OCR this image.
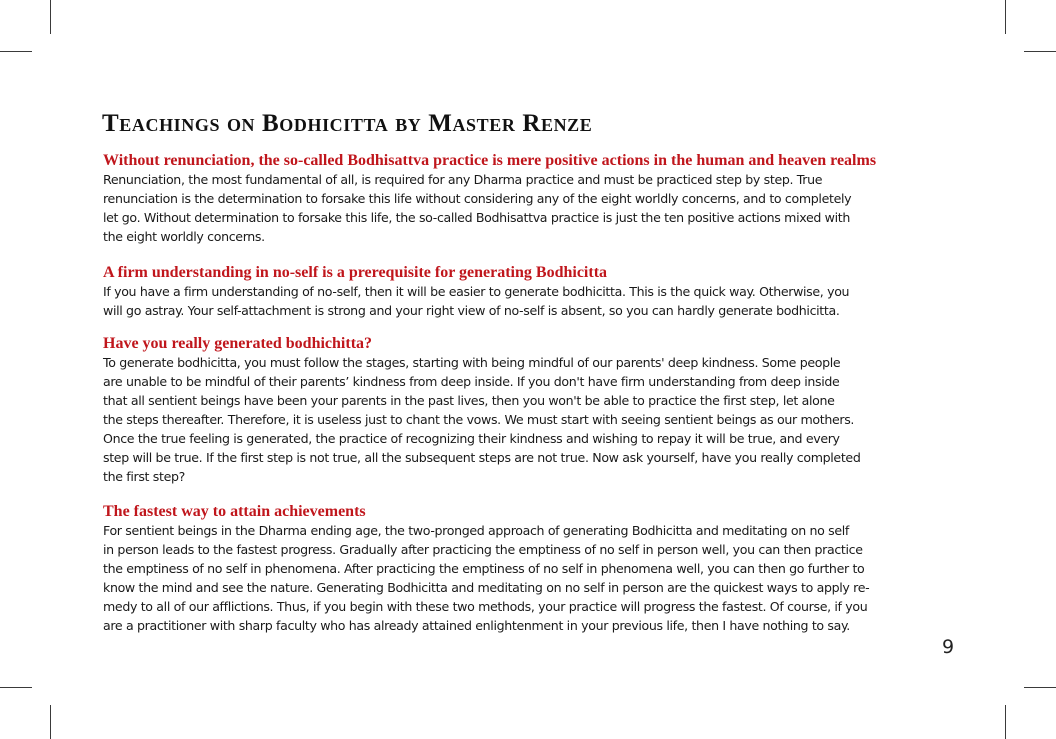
Teachings on Bodhicitta by Master Renze

Without renunciation, the so-called Bodhisattva practice is mere positive actions in the human and heaven realms

Renunciation, the most fundamental of all, is required for any Dharma practice and must be practiced step by step. True
renunciation is the determination to forsake this life without considering any of the eight worldly concerns, and to completely
let go. Without determination to forsake this life, the so-called Bodhisattva practice is just the ten positive actions mixed with
the eight worldly concerns.

A firm understanding in no-self is a prerequisite for generating Bodhicitta

If you have a firm understanding of no-self, then it will be easier to generate bodhicitta. This is the quick way. Otherwise, you
will go astray. Your self-attachment is strong and your right view of no-self is absent, so you can hardly generate bodhicitta.

Have you really generated bodhichitta?

To generate bodhicitta, you must follow the stages, starting with being mindful of our parents' deep kindness. Some people
are unable to be mindful of their parents’ kindness from deep inside. If you don't have firm understanding from deep inside
that all sentient beings have been your parents in the past lives, then you won't be able to practice the first step, let alone
the steps thereafter. Therefore, it is useless just to chant the vows. We must start with seeing sentient beings as our mothers.
Once the true feeling is generated, the practice of recognizing their kindness and wishing to repay it will be true, and every
step will be true. If the first step is not true, all the subsequent steps are not true. Now ask yourself, have you really completed
the first step?

The fastest way to attain achievements

For sentient beings in the Dharma ending age, the two-pronged approach of generating Bodhicitta and meditating on no self
in person leads to the fastest progress. Gradually after practicing the emptiness of no self in person well, you can then practice
the emptiness of no self in phenomena. After practicing the emptiness of no self in phenomena well, you can then go further to
know the mind and see the nature. Generating Bodhicitta and meditating on no self in person are the quickest ways to apply re-
medy to all of our afflictions. Thus, if you begin with these two methods, your practice will progress the fastest. Of course, if you
are a practitioner with sharp faculty who has already attained enlightenment in your previous life, then I have nothing to say.

9
